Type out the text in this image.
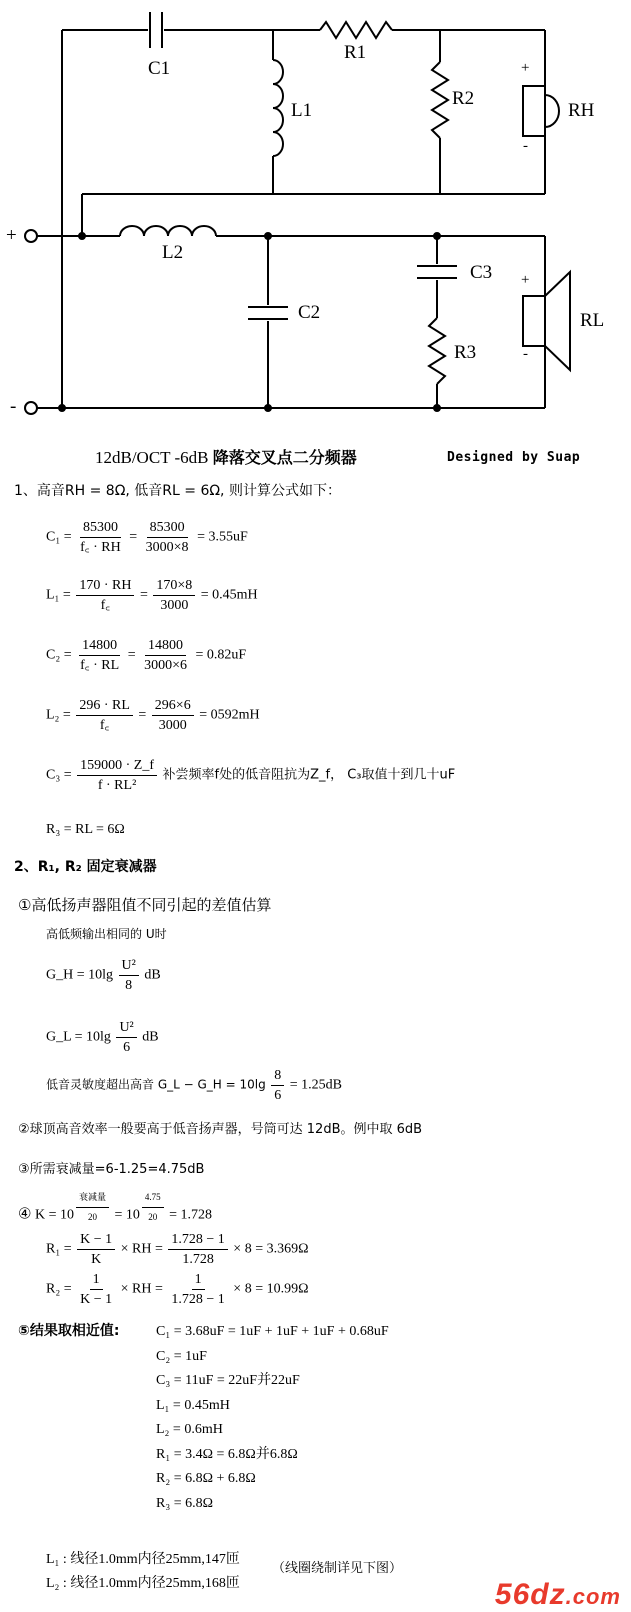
C1
R1
L1
R2
RH
+
-
L2
C2
C3
R3
RL
+
-
+
-
12dB/OCT -6dB 降落交叉点二分频器	Designed by Suap
1、高音RH = 8Ω, 低音RL = 6Ω, 则计算公式如下：
$C_1 = \frac{85300}{f꜀ \cdot RH} = \frac{85300}{3000\times 8} = 3.55uF$
$L_1 = \frac{170 \cdot RH}{f꜀} = \frac{170\times 8}{3000} = 0.45mH$
$C_2 = \frac{14800}{f꜀ \cdot RL} = \frac{14800}{3000\times 6} = 0.82uF$
$L_2 = \frac{296 \cdot RL}{f꜀} = \frac{296\times 6}{3000} = 0592mH$
$C_3 = \frac{159000 \cdot Z\_f}{\text{f · RL²}}$ 补尝频率f处的低音阻抗为Z_f， C₃取值十到几十uF
R₃ = RL = 6Ω
2、R₁, R₂ 固定衰减器
①高低扬声器阻值不同引起的差值估算
高低频输出相同的 U时
G_H = $10\lg \frac{\text{U²}}{8}$ dB
G_L = $10\lg \frac{\text{U²}}{6}$ dB
低音灵敏度超出高音 G_L − G_H = $10\lg \frac{8}{6} = 1.25dB$
②球顶高音效率一般要高于低音扬声器，号筒可达 12dB。例中取 6dB
③所需衰减量=6-1.25=4.75dB
④ K = 10 $^{\frac{\text{衰减量}}{20}}$ = 10 $^{\frac{4.75}{20}}$ = 1.728
$R_1 = \frac{K - 1}{K}$ × RH = $\frac{1.728 - 1}{1.728} \times 8 = 3.369\Omega$
$R_2 = \frac{1}{K - 1}$ × RH = $\frac{1}{1.728 - 1} \times 8 = 10.99\Omega$
⑤结果取相近值:	C₁ = 3.68uF = 1uF + 1uF + 1uF + 0.68uF
C₂ = 1uF
C₃ = 11uF = 22uF并22uF
L₁ = 0.45mH
L₂ = 0.6mH
R₁ = 3.4Ω = 6.8Ω并6.8Ω
R₂ = 6.8Ω + 6.8Ω
R₃ = 6.8Ω
L₁ : 线径1.0mm内径25mm,147匝
L₂ : 线径1.0mm内径25mm,168匝
（线圈绕制详见下图）
56dz.com
